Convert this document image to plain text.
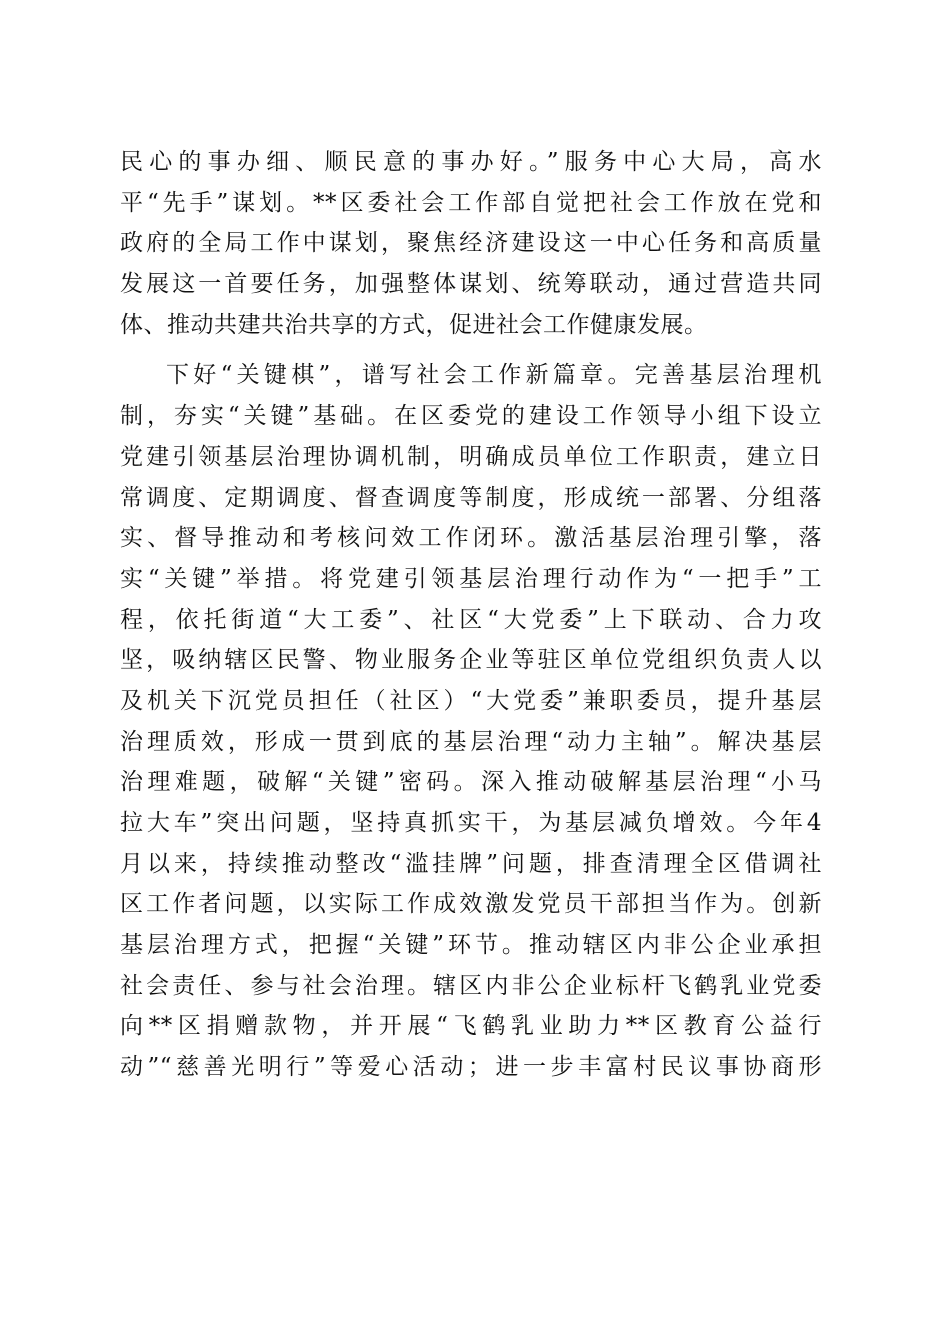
民心的事办细、顺民意的事办好。”服务中心大局，高水
平“先手”谋划。**区委社会工作部自觉把社会工作放在党和
政府的全局工作中谋划，聚焦经济建设这一中心任务和高质量
发展这一首要任务，加强整体谋划、统筹联动，通过营造共同
体、推动共建共治共享的方式，促进社会工作健康发展。
下好“关键棋”，谱写社会工作新篇章。完善基层治理机
制，夯实“关键”基础。在区委党的建设工作领导小组下设立
党建引领基层治理协调机制，明确成员单位工作职责，建立日
常调度、定期调度、督查调度等制度，形成统一部署、分组落
实、督导推动和考核问效工作闭环。激活基层治理引擎，落
实“关键”举措。将党建引领基层治理行动作为“一把手”工
程，依托街道“大工委”、社区“大党委”上下联动、合力攻
坚，吸纳辖区民警、物业服务企业等驻区单位党组织负责人以
及机关下沉党员担任（社区）“大党委”兼职委员，提升基层
治理质效，形成一贯到底的基层治理“动力主轴”。解决基层
治理难题，破解“关键”密码。深入推动破解基层治理“小马
拉大车”突出问题，坚持真抓实干，为基层减负增效。今年4
月以来，持续推动整改“滥挂牌”问题，排查清理全区借调社
区工作者问题，以实际工作成效激发党员干部担当作为。创新
基层治理方式，把握“关键”环节。推动辖区内非公企业承担
社会责任、参与社会治理。辖区内非公企业标杆飞鹤乳业党委
向**区捐赠款物，并开展“飞鹤乳业助力**区教育公益行
动”“慈善光明行”等爱心活动；进一步丰富村民议事协商形
